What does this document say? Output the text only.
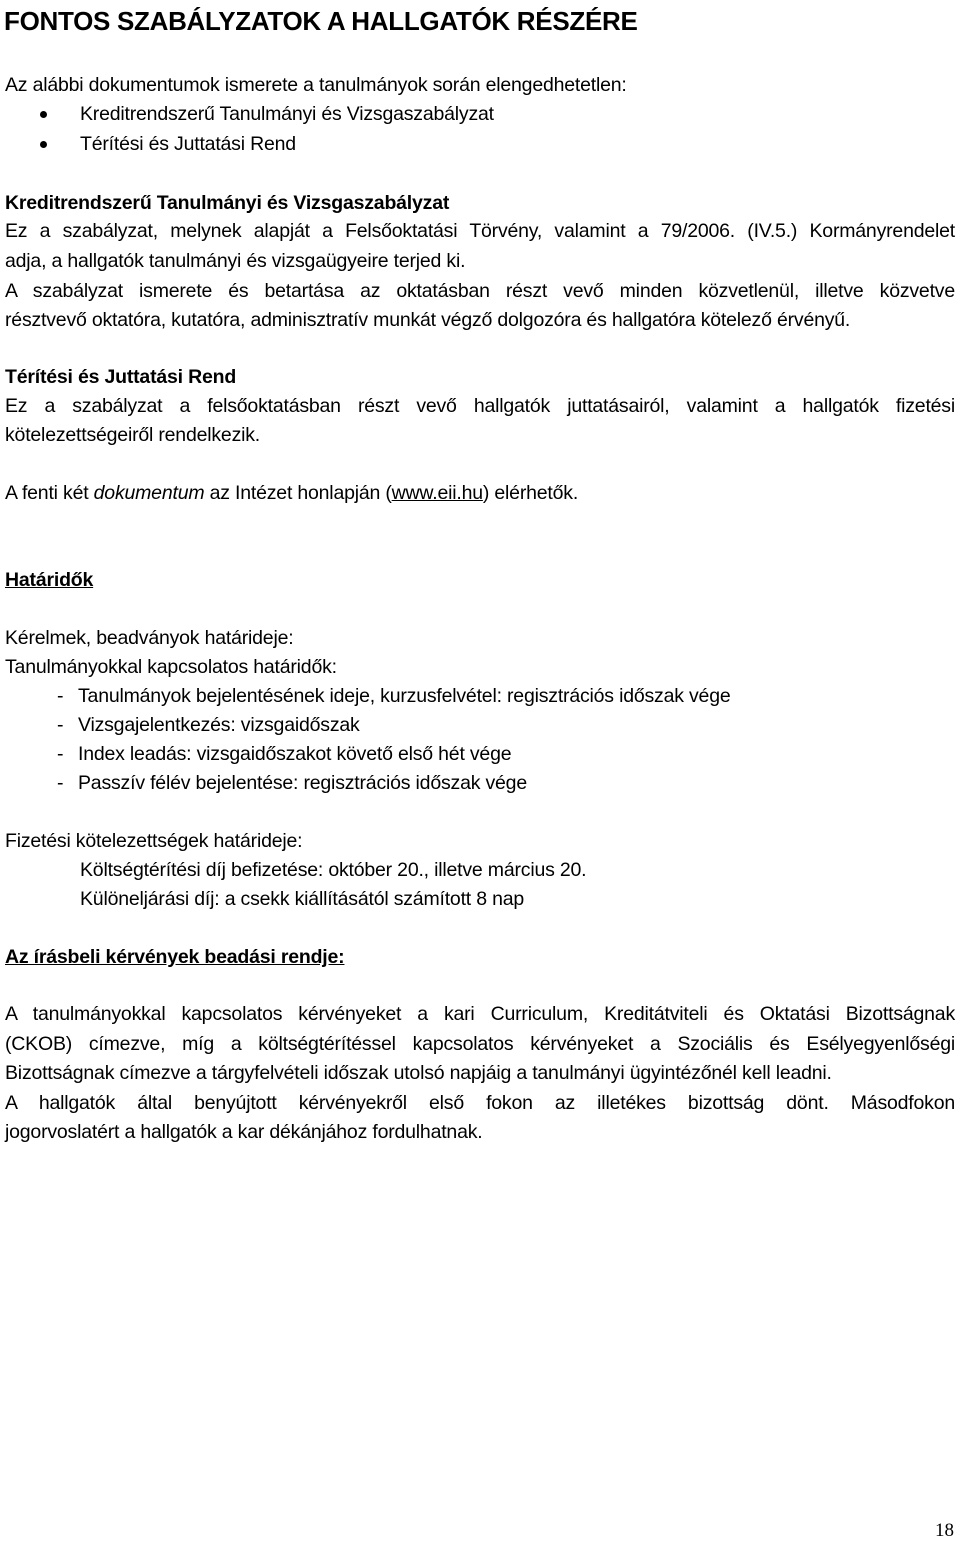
FONTOS SZABÁLYZATOK A HALLGATÓK RÉSZÉRE
Az alábbi dokumentumok ismerete a tanulmányok során elengedhetetlen:
Kreditrendszerű Tanulmányi és Vizsgaszabályzat
Térítési és Juttatási Rend
Kreditrendszerű Tanulmányi és Vizsgaszabályzat
Ez a szabályzat, melynek alapját a Felsőoktatási Törvény, valamint a 79/2006. (IV.5.) Kormányrendelet
adja, a hallgatók tanulmányi és vizsgaügyeire terjed ki.
A szabályzat ismerete és betartása az oktatásban részt vevő minden közvetlenül, illetve közvetve
résztvevő oktatóra, kutatóra, adminisztratív munkát végző dolgozóra és hallgatóra kötelező érvényű.
Térítési és Juttatási Rend
Ez a szabályzat a felsőoktatásban részt vevő hallgatók juttatásairól, valamint a hallgatók fizetési
kötelezettségeiről rendelkezik.
A fenti két dokumentum az Intézet honlapján (www.eii.hu) elérhetők.
Határidők
Kérelmek, beadványok határideje:
Tanulmányokkal kapcsolatos határidők:
- Tanulmányok bejelentésének ideje, kurzusfelvétel: regisztrációs időszak vége
- Vizsgajelentkezés: vizsgaidőszak
- Index leadás: vizsgaidőszakot követő első hét vége
- Passzív félév bejelentése: regisztrációs időszak vége
Fizetési kötelezettségek határideje:
Költségtérítési díj befizetése: október 20., illetve március 20.
Különeljárási díj: a csekk kiállításától számított 8 nap
Az írásbeli kérvények beadási rendje:
A tanulmányokkal kapcsolatos kérvényeket a kari Curriculum, Kreditátviteli és Oktatási Bizottságnak
(CKOB) címezve, míg a költségtérítéssel kapcsolatos kérvényeket a Szociális és Esélyegyenlőségi
Bizottságnak címezve a tárgyfelvételi időszak utolsó napjáig a tanulmányi ügyintézőnél kell leadni.
A hallgatók által benyújtott kérvényekről első fokon az illetékes bizottság dönt. Másodfokon
jogorvoslatért a hallgatók a kar dékánjához fordulhatnak.
18
